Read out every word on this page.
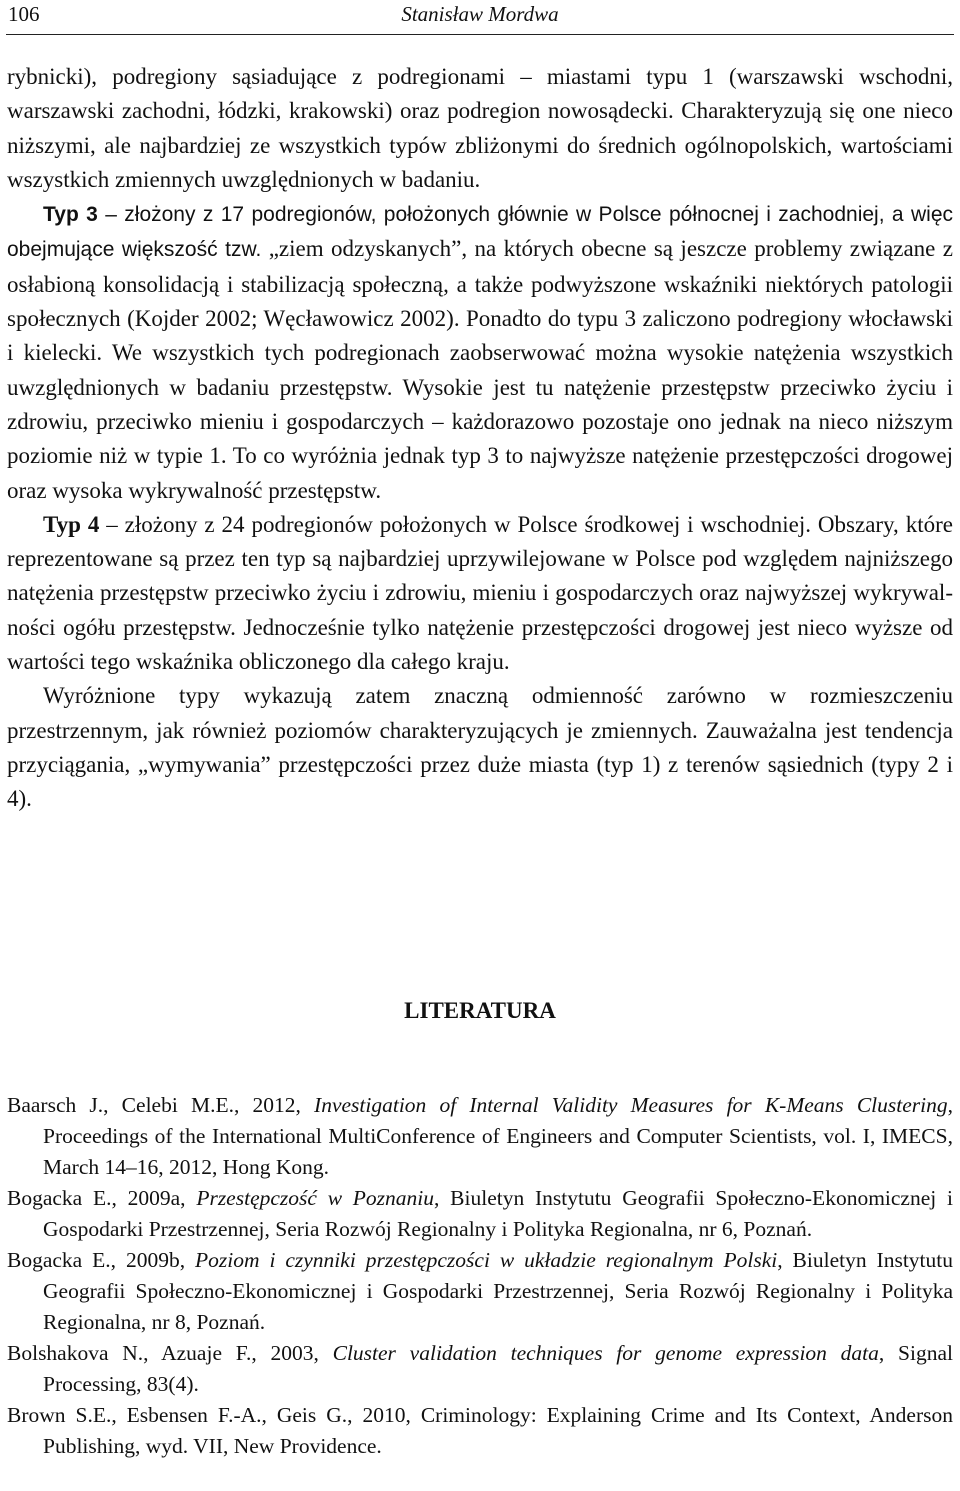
106	Stanisław Mordwa

rybnicki), podregiony sąsiadujące z podregionami – miastami typu 1 (warszawski wschodni, warszawski zachodni, łódzki, krakowski) oraz podregion nowosądecki. Charakteryzują się one nieco niższymi, ale najbardziej ze wszystkich typów zbliżonymi do średnich ogólnopolskich, wartościami wszystkich zmiennych uwzględnionych w badaniu.

Typ 3 – złożony z 17 podregionów, położonych głównie w Polsce północnej i zachodniej, a więc obejmujące większość tzw. „ziem odzyskanych”, na których obecne są jeszcze problemy związane z osłabioną konsolidacją i stabilizacją społeczną, a także podwyższone wskaźniki niektórych patologii społecznych (Kojder 2002; Węcławowicz 2002). Ponadto do typu 3 zaliczono podregiony włocławski i kielecki. We wszystkich tych podregionach zaobserwować można wysokie natężenia wszystkich uwzględnionych w badaniu przestępstw. Wysokie jest tu natężenie przestępstw przeciwko życiu i zdrowiu, przeciwko mieniu i gospodarczych – każdorazowo pozostaje ono jednak na nieco niższym poziomie niż w typie 1. To co wyróżnia jednak typ 3 to najwyższe natężenie przestępczości drogowej oraz wysoka wykrywalność przestępstw.

Typ 4 – złożony z 24 podregionów położonych w Polsce środkowej i wschodniej. Obszary, które reprezentowane są przez ten typ są najbardziej uprzywilejowane w Polsce pod względem najniższego natężenia przestępstw przeciwko życiu i zdrowiu, mieniu i gospodarczych oraz najwyższej wykrywalności ogółu przestępstw. Jednocześnie tylko natężenie przestępczości drogowej jest nieco wyższe od wartości tego wskaźnika obliczonego dla całego kraju.

Wyróżnione typy wykazują zatem znaczną odmienność zarówno w rozmieszczeniu przestrzennym, jak również poziomów charakteryzujących je zmiennych. Zauważalna jest tendencja przyciągania, „wymywania” przestępczości przez duże miasta (typ 1) z terenów sąsiednich (typy 2 i 4).

LITERATURA

Baarsch J., Celebi M.E., 2012, Investigation of Internal Validity Measures for K-Means Clustering, Proceedings of the International MultiConference of Engineers and Computer Scientists, vol. I, IMECS, March 14–16, 2012, Hong Kong.

Bogacka E., 2009a, Przestępczość w Poznaniu, Biuletyn Instytutu Geografii Społeczno-Ekonomicznej i Gospodarki Przestrzennej, Seria Rozwój Regionalny i Polityka Regionalna, nr 6, Poznań.

Bogacka E., 2009b, Poziom i czynniki przestępczości w układzie regionalnym Polski, Biuletyn Instytutu Geografii Społeczno-Ekonomicznej i Gospodarki Przestrzennej, Seria Rozwój Regionalny i Polityka Regionalna, nr 8, Poznań.

Bolshakova N., Azuaje F., 2003, Cluster validation techniques for genome expression data, Signal Processing, 83(4).

Brown S.E., Esbensen F.-A., Geis G., 2010, Criminology: Explaining Crime and Its Context, Anderson Publishing, wyd. VII, New Providence.
